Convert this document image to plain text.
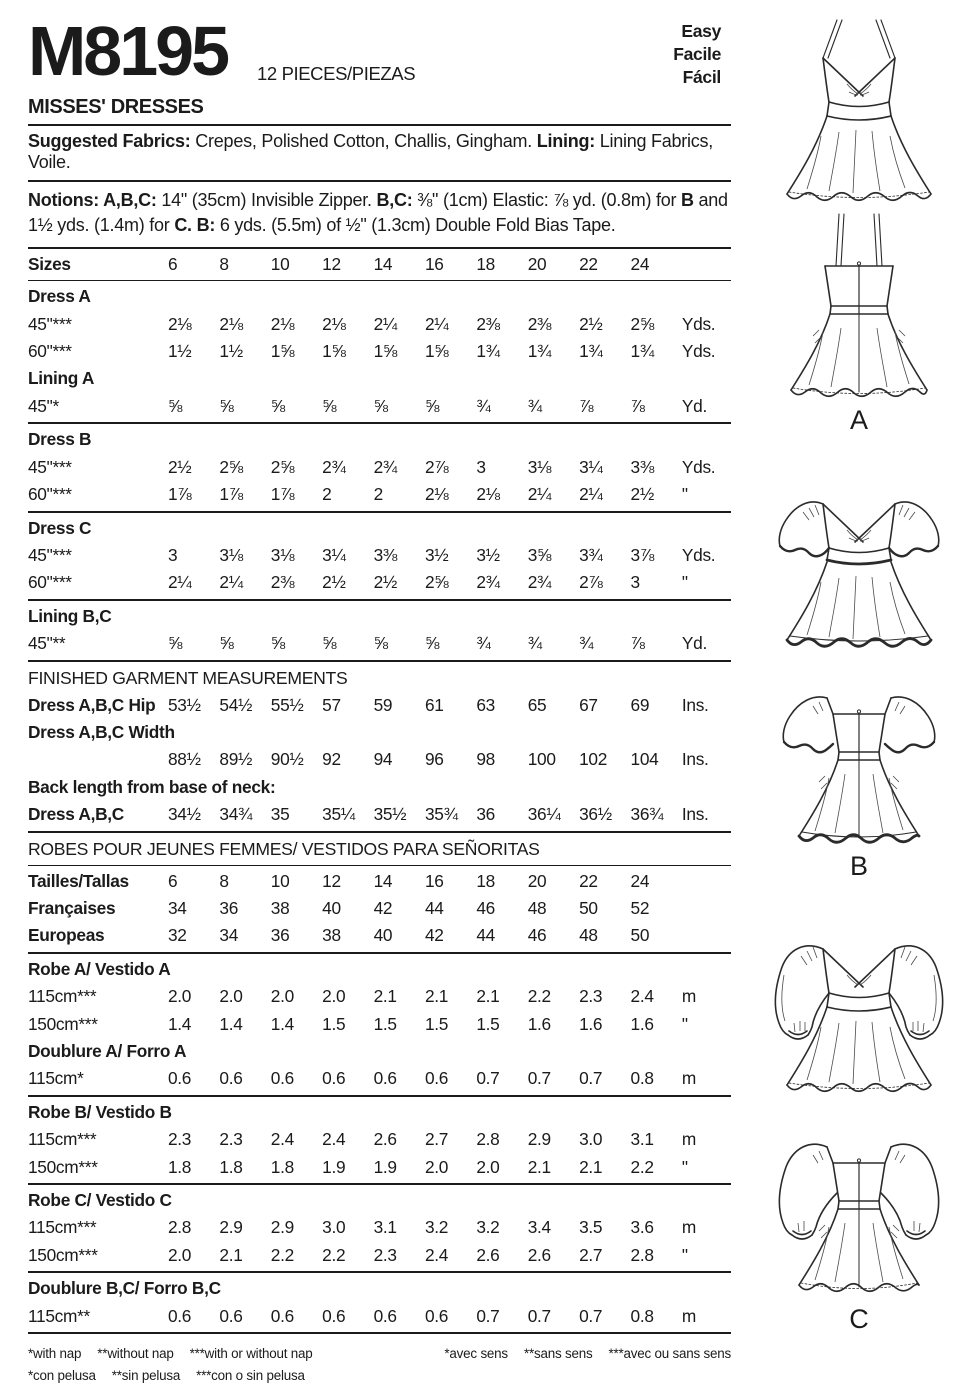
M8195 12 PIECES/PIEZAS
Easy
Facile
Fácil
MISSES' DRESSES
Suggested Fabrics: Crepes, Polished Cotton, Challis, Gingham. Lining: Lining Fabrics, Voile.
Notions: A,B,C: 14" (35cm) Invisible Zipper. B,C: ⅜" (1cm) Elastic: ⅞ yd. (0.8m) for B and 1½ yds. (1.4m) for C. B: 6 yds. (5.5m) of ½" (1.3cm) Double Fold Bias Tape.
Sizes	6	8	10	12	14	16	18	20	22	24
Dress A
45"***	2⅛	2⅛	2⅛	2⅛	2¼	2¼	2⅜	2⅜	2½	2⅝	Yds.
60"***	1½	1½	1⅝	1⅝	1⅝	1⅝	1¾	1¾	1¾	1¾	Yds.
Lining A
45"*	⅝	⅝	⅝	⅝	⅝	⅝	¾	¾	⅞	⅞	Yd.
Dress B
45"***	2½	2⅝	2⅝	2¾	2¾	2⅞	3	3⅛	3¼	3⅜	Yds.
60"***	1⅞	1⅞	1⅞	2	2	2⅛	2⅛	2¼	2¼	2½	"
Dress C
45"***	3	3⅛	3⅛	3¼	3⅜	3½	3½	3⅝	3¾	3⅞	Yds.
60"***	2¼	2¼	2⅜	2½	2½	2⅝	2¾	2¾	2⅞	3	"
Lining B,C
45"**	⅝	⅝	⅝	⅝	⅝	⅝	¾	¾	¾	⅞	Yd.
FINISHED GARMENT MEASUREMENTS
Dress A,B,C Hip 53½	54½	55½	57	59	61	63	65	67	69	Ins.
Dress A,B,C Width
88½	89½	90½	92	94	96	98	100	102	104	Ins.
Back length from base of neck:
Dress A,B,C	34½	34¾	35	35¼	35½	35¾	36	36¼	36½	36¾	Ins.
ROBES POUR JEUNES FEMMES/ VESTIDOS PARA SEÑORITAS
Tailles/Tallas	6	8	10	12	14	16	18	20	22	24
Françaises	34	36	38	40	42	44	46	48	50	52
Europeas	32	34	36	38	40	42	44	46	48	50
Robe A/ Vestido A
115cm***	2.0	2.0	2.0	2.0	2.1	2.1	2.1	2.2	2.3	2.4	m
150cm***	1.4	1.4	1.4	1.5	1.5	1.5	1.5	1.6	1.6	1.6	"
Doublure A/ Forro A
115cm*	0.6	0.6	0.6	0.6	0.6	0.6	0.7	0.7	0.7	0.8	m
Robe B/ Vestido B
115cm***	2.3	2.3	2.4	2.4	2.6	2.7	2.8	2.9	3.0	3.1	m
150cm***	1.8	1.8	1.8	1.9	1.9	2.0	2.0	2.1	2.1	2.2	"
Robe C/ Vestido C
115cm***	2.8	2.9	2.9	3.0	3.1	3.2	3.2	3.4	3.5	3.6	m
150cm***	2.0	2.1	2.2	2.2	2.3	2.4	2.6	2.6	2.7	2.8	"
Doublure B,C/ Forro B,C
115cm**	0.6	0.6	0.6	0.6	0.6	0.6	0.7	0.7	0.7	0.8	m
*with nap **without nap ***with or without nap
*con pelusa **sin pelusa ***con o sin pelusa
*avec sens **sans sens ***avec ou sans sens
A
B
C
